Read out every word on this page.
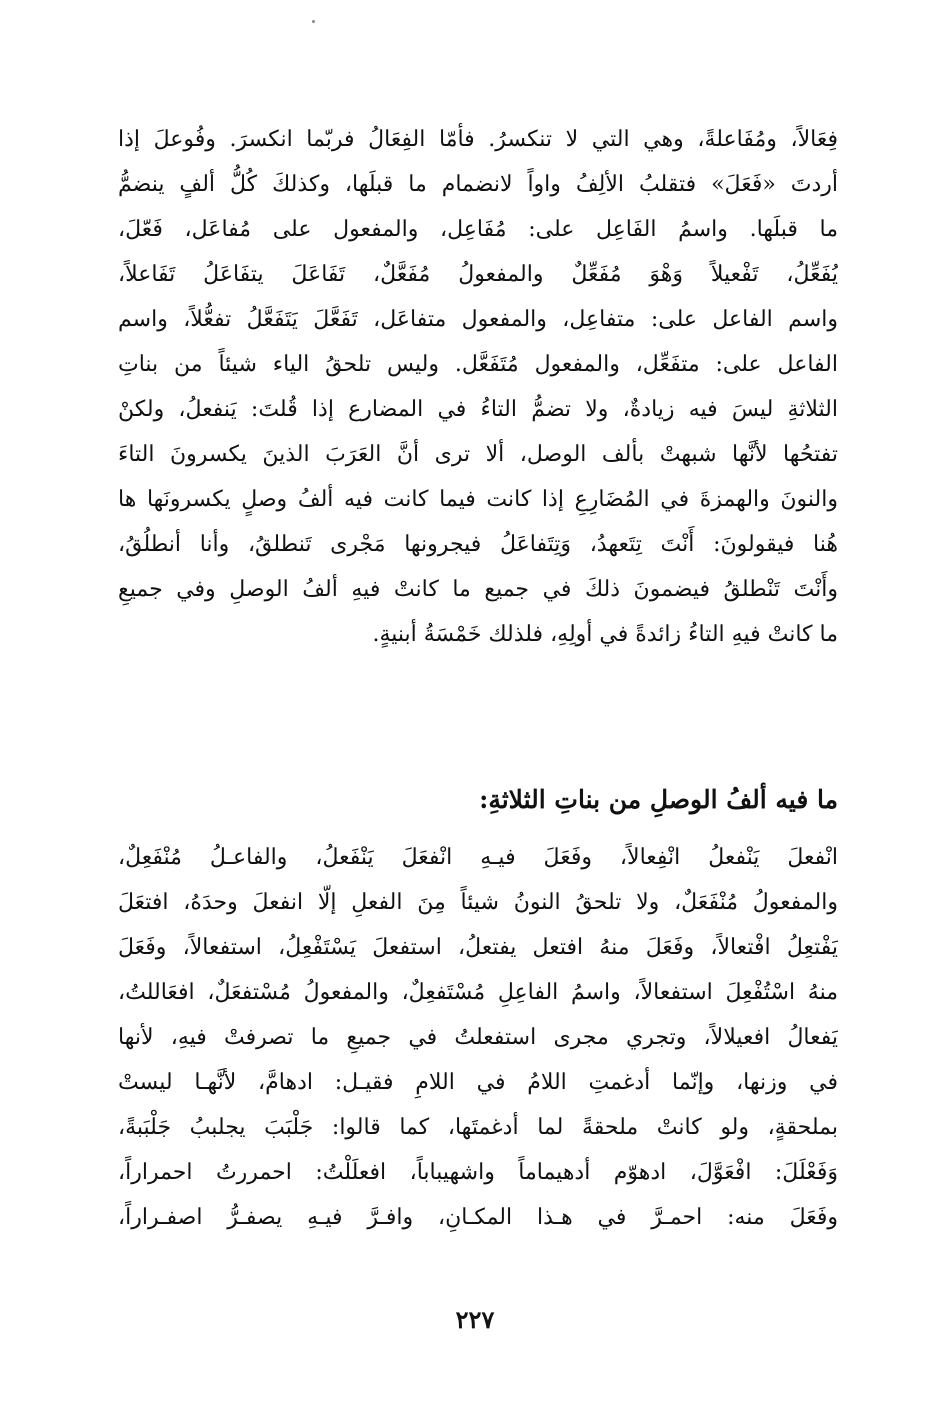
فِعَالاً، ومُفَاعلةً، وهي التي لا تنكسرُ. فأمّا الفِعَالُ فربّما انكسرَ. وفُوعلَ إذا
أردتَ «فَعَلَ» فتقلبُ الألِفُ واواً لانضمام ما قبلَها، وكذلكَ كُلُّ ألفٍ ينضمُّ
ما قبلَها. واسمُ الفَاعِل على: مُفَاعِل، والمفعول على مُفاعَل، فَعّلَ،
يُفَعِّلُ، تَفْعيلاً وَهْوَ مُفَعِّلٌ والمفعولُ مُفَعَّلٌ، تَفَاعَلَ يتفَاعَلُ تَفَاعلاً،
واسم الفاعل على: متفاعِل، والمفعول متفاعَل، تَفَعَّلَ يَتَفَعَّلُ تفعُّلاً، واسم
الفاعل على: متفَعِّل، والمفعول مُتَفَعَّل. وليس تلحقُ الياء شيئاً من بناتِ
الثلاثةِ ليسَ فيه زيادةٌ، ولا تضمُّ التاءُ في المضارع إذا قُلتَ: يَنفعلُ، ولكنْ
تفتحُها لأنَّها شبهتْ بألف الوصل، ألا ترى أنَّ العَرَبَ الذينَ يكسرونَ التاءَ
والنونَ والهمزةَ في المُضَارِعِ إذا كانت فيما كانت فيه ألفُ وصلٍ يكسرونَها ها
هُنا فيقولونَ: أَنْتَ تِتَعهدُ، وَتِتَفاعَلُ فيجرونها مَجْرى تَنطلقُ، وأنا أنطلُقُ،
وأَنْتَ تَنْطلقُ فيضمونَ ذلكَ في جميع ما كانتْ فيهِ ألفُ الوصلِ وفي جميعِ
ما كانتْ فيهِ التاءُ زائدةً في أولِهِ، فلذلك خَمْسَةُ أبنيةٍ.
ما فيه ألفُ الوصلِ من بناتِ الثلاثةِ:
انْفعلَ يَنْفعلُ انْفِعالاً، وفَعَلَ فيـهِ انْفعَلَ يَنْفَعلُ، والفاعـلُ مُنْفَعِلٌ،
والمفعولُ مُنْفَعَلٌ، ولا تلحقُ النونُ شيئاً مِنَ الفعلِ إلّا انفعلَ وحدَهُ، افتعَلَ
يَفْتعِلُ افْتعالاً، وفَعَلَ منهُ افتعل يفتعلُ، استفعلَ يَسْتَفْعِلُ، استفعالاً، وفَعَلَ
منهُ اسْتُفْعِلَ استفعالاً، واسمُ الفاعِلِ مُسْتَفعِلٌ، والمفعولُ مُسْتفعَلٌ، افعَاللتُ،
يَفعالُ افعيلالاً، وتجري مجرى استفعلتُ في جميعِ ما تصرفتْ فيهِ، لأنها
في وزنها، وإنّما أدغمتِ اللامُ في اللامِ فقيـل: ادهامَّ، لأنَّهـا ليستْ
بملحقةٍ، ولو كانتْ ملحقةً لما أدغمتَها، كما قالوا: جَلْبَبَ يجلببُ جَلْبَبةً،
وَفَعْلَلَ: افْعَوَّلَ، ادهوّم أدهيماماً واشهيباباً، افعلَلْتُ: احمررتُ احمراراً،
وفَعَلَ منه: احمـرَّ في هـذا المكـانِ، وافـرَّ فيـهِ يصفـرُّ اصفـراراً،
٢٢٧
